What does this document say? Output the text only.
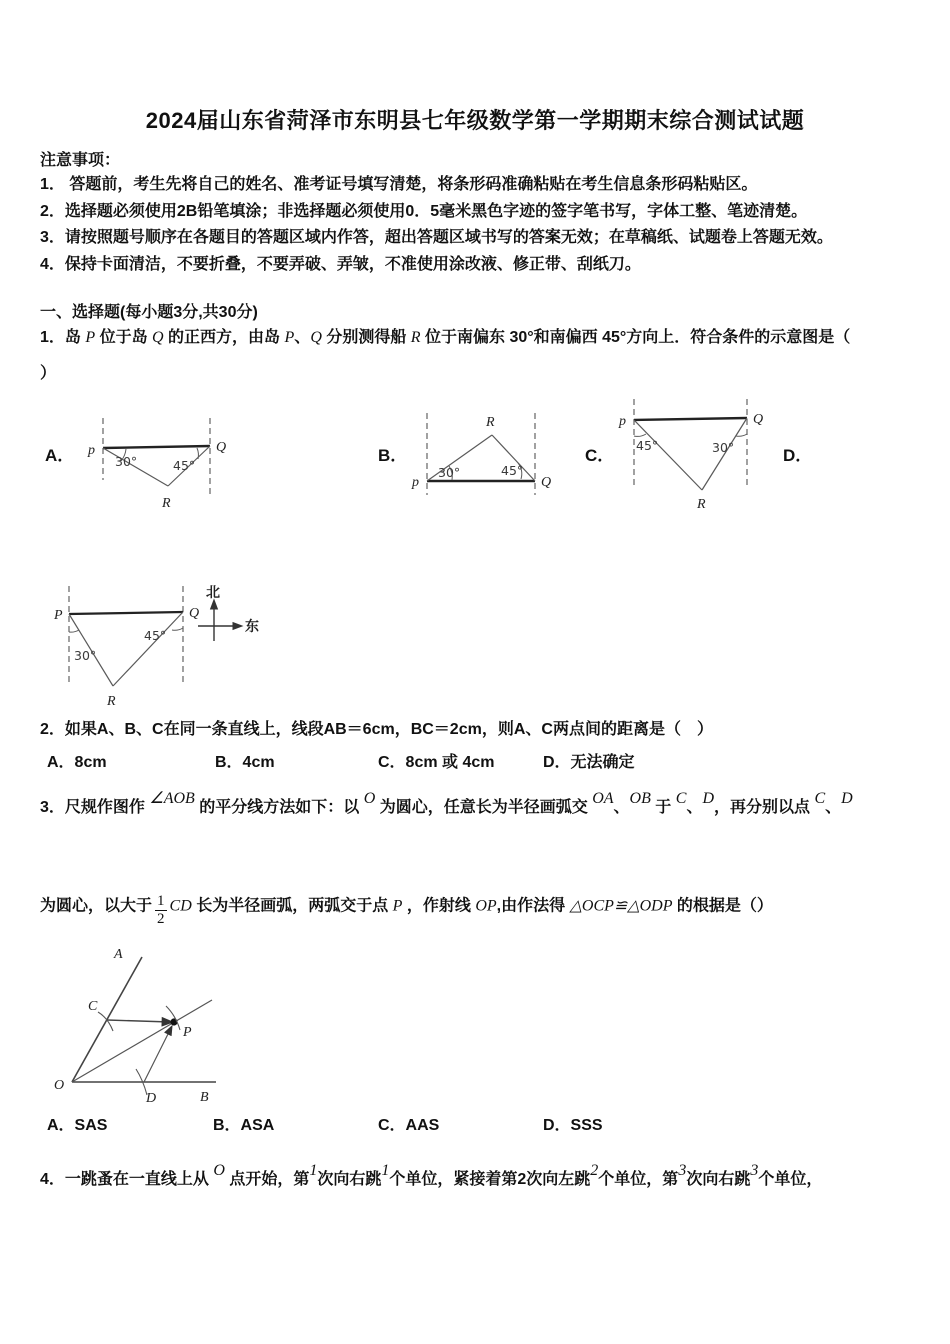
2024届山东省菏泽市东明县七年级数学第一学期期末综合测试试题
注意事项：
1． 答题前，考生先将自己的姓名、准考证号填写清楚，将条形码准确粘贴在考生信息条形码粘贴区。
2．选择题必须使用2B铅笔填涂；非选择题必须使用0．5毫米黑色字迹的签字笔书写，字体工整、笔迹清楚。
3．请按照题号顺序在各题目的答题区域内作答，超出答题区域书写的答案无效；在草稿纸、试题卷上答题无效。
4．保持卡面清洁，不要折叠，不要弄破、弄皱，不准使用涂改液、修正带、刮纸刀。
一、选择题(每小题3分,共30分)
1．岛 P 位于岛 Q 的正西方，由岛 P、Q 分别测得船 R 位于南偏东 30°和南偏西 45°方向上．符合条件的示意图是（
）
A．	B．	C．	D．
p	Q
R
30°	45°
p	Q
R
30°	45°
p	Q
R
45°	30°
P	Q
R
30°
45°
北
东
2．如果A、B、C在同一条直线上，线段AB＝6cm，BC＝2cm，则A、C两点间的距离是（　）
A．8cm	B．4cm	C．8cm 或 4cm	D．无法确定
3．尺规作图作 ∠AOB 的平分线方法如下：以 O 为圆心，任意长为半径画弧交 OA、OB 于 C、D，再分别以点 C、D
为圆心，以大于 $\frac{1}{2}$ CD 长为半径画弧，两弧交于点 P ，作射线 OP,由作法得 △OCP≌△ODP 的根据是（）
O
A
B
C
D
P
A．SAS	B．ASA	C．AAS	D．SSS
4．一跳蚤在一直线上从 O 点开始，第1次向右跳1个单位，紧接着第2次向左跳2个单位，第3次向右跳3个单位，
